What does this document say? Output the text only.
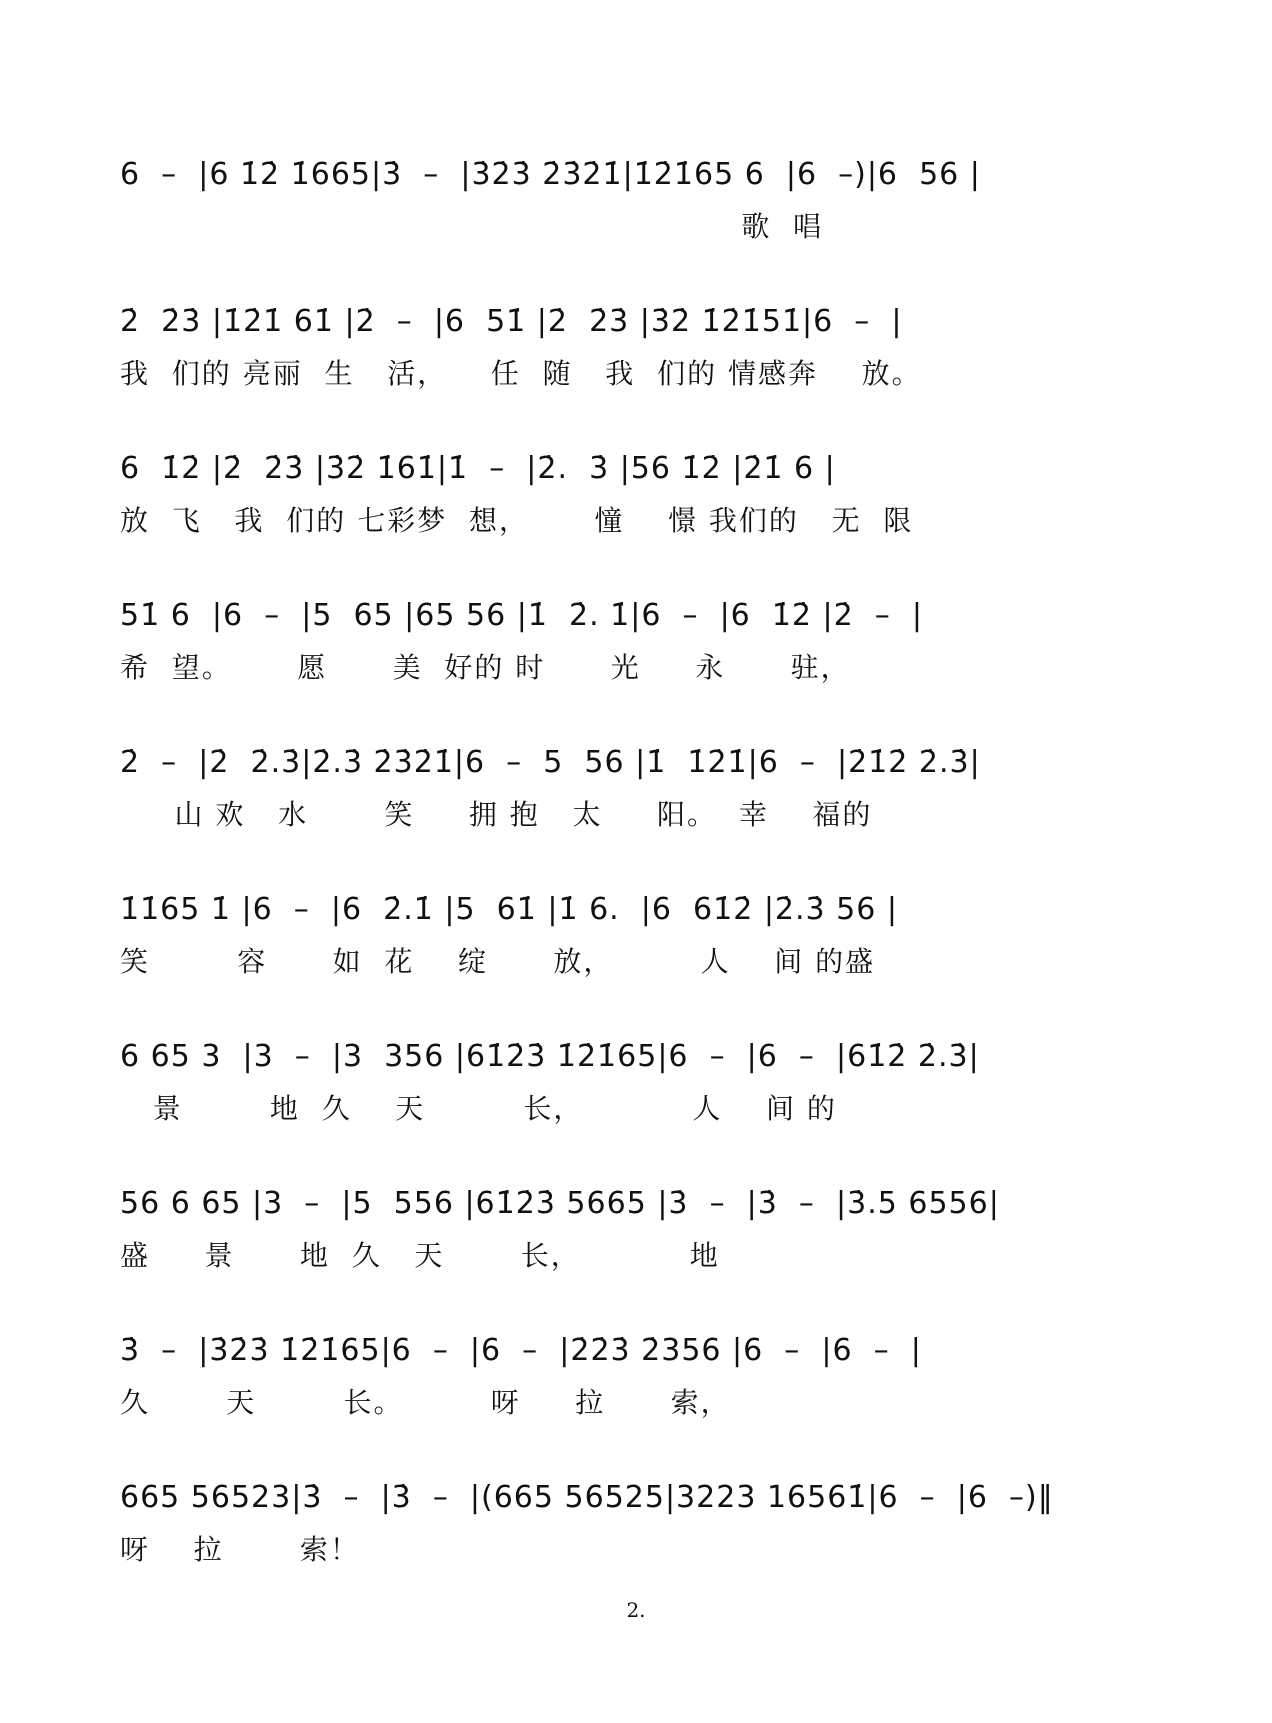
6  –  |6 1̇2̇ 1̇665|3̇  –  |3̇2̇3̇ 2̇3̇2̇1̇|1̇2̇1̇65 6  |6  –)|6  56 |
歌  唱
2̇  2̇3̇ |1̇2̇1̇ 61̇ |2̇  –  |6  51̇ |2̇  2̇3̇ |3̇2̇ 1̇2̇1̇51̇|6  –  |
我  们的 亮丽  生   活，    任  随   我  们的 情感奔    放。
6  1̇2̇ |2̇  2̇3̇ |3̇2̇ 1̇61̇|1̇  –  |2̇.  3̇ |56 1̇2̇ |2̇1̇ 6 |
放  飞   我  们的 七彩梦  想，      憧    憬 我们的   无  限
51̇ 6  |6  –  |5  65 |65 56 |1̇  2̇. 1̇|6  –  |6  1̇2̇ |2̇  –  |
希  望。      愿      美  好的 时      光     永      驻，
2̇  –  |2̇  2̇.3̇|2̇.3̇ 2̇3̇2̇1̇|6  –  5  56 |1̇  1̇2̇1̇|6  –  |2̇1̇2̇ 2̇.3̇|
山 欢   水       笑     拥 抱   太     阳。  幸    福的
1̇1̇65 1̇ |6  –  |6  2̇.1̇ |5  61̇ |1̇ 6.  |6  61̇2̇ |2̇.3̇ 56 |
笑        容      如  花    绽      放，        人    间 的盛
6 65 3  |3  –  |3  356 |61̇2̇3̇ 1̇2̇1̇65|6  –  |6  –  |61̇2̇ 2̇.3̇|
景        地  久    天         长，          人    间 的
56 6 65 |3  –  |5  556 |61̇2̇3̇ 5665 |3̇  –  |3̇  –  |3̇.5 6556|
盛     景      地  久   天       长，          地
3̇  –  |3̇2̇3̇ 1̇2̇1̇65|6  –  |6  –  |2̇2̇3̇ 2̇356 |6  –  |6  –  |
久       天        长。        呀     拉      索，
665 56523|3̇  –  |3̇  –  |(665 56525|3223 16561̇|6  –  |6  –)‖
呀    拉       索！
2.
